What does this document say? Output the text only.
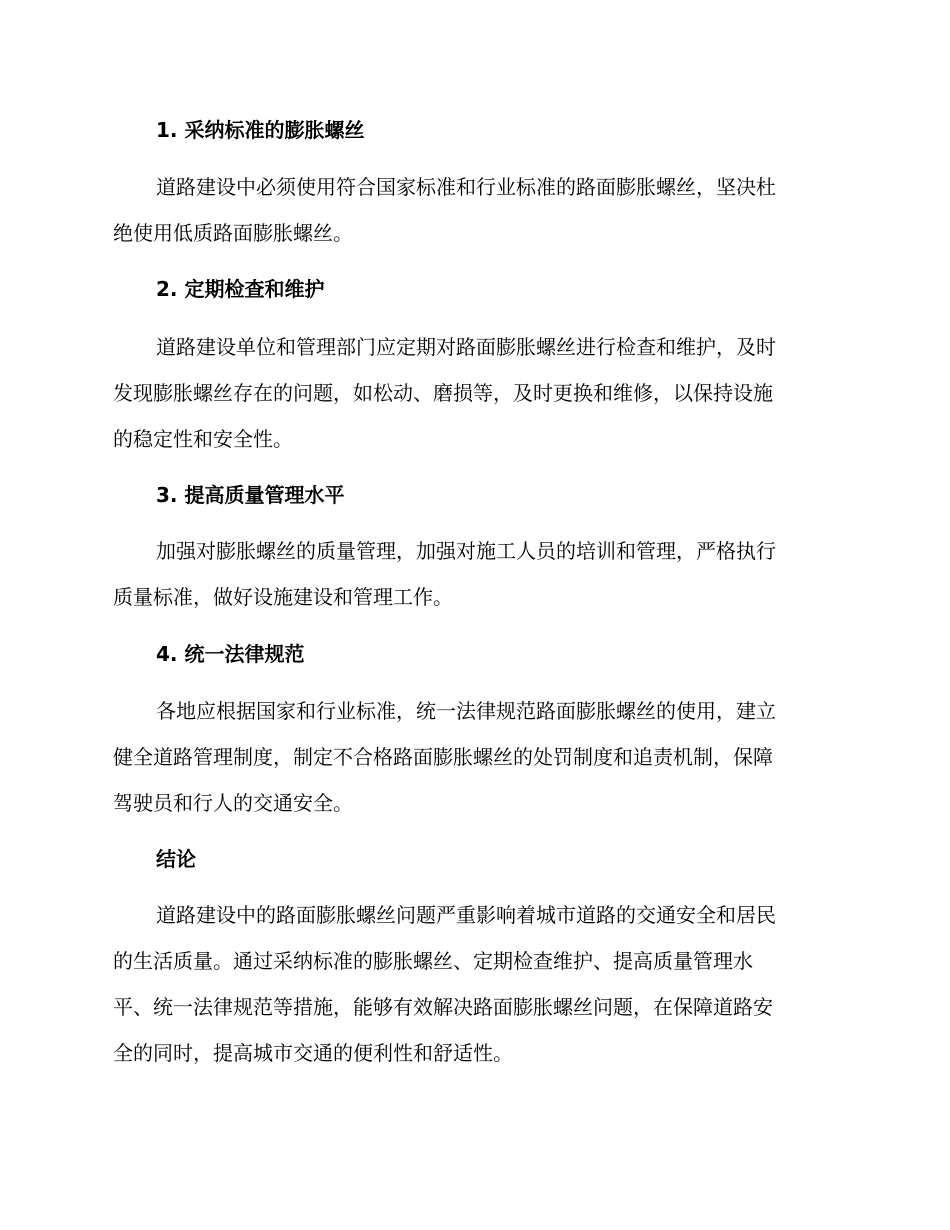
1. 采纳标准的膨胀螺丝
道路建设中必须使用符合国家标准和行业标准的路面膨胀螺丝，坚决杜
绝使用低质路面膨胀螺丝。
2. 定期检查和维护
道路建设单位和管理部门应定期对路面膨胀螺丝进行检查和维护，及时
发现膨胀螺丝存在的问题，如松动、磨损等，及时更换和维修，以保持设施
的稳定性和安全性。
3. 提高质量管理水平
加强对膨胀螺丝的质量管理，加强对施工人员的培训和管理，严格执行
质量标准，做好设施建设和管理工作。
4. 统一法律规范
各地应根据国家和行业标准，统一法律规范路面膨胀螺丝的使用，建立
健全道路管理制度，制定不合格路面膨胀螺丝的处罚制度和追责机制，保障
驾驶员和行人的交通安全。
结论
道路建设中的路面膨胀螺丝问题严重影响着城市道路的交通安全和居民
的生活质量。通过采纳标准的膨胀螺丝、定期检查维护、提高质量管理水
平、统一法律规范等措施，能够有效解决路面膨胀螺丝问题，在保障道路安
全的同时，提高城市交通的便利性和舒适性。
